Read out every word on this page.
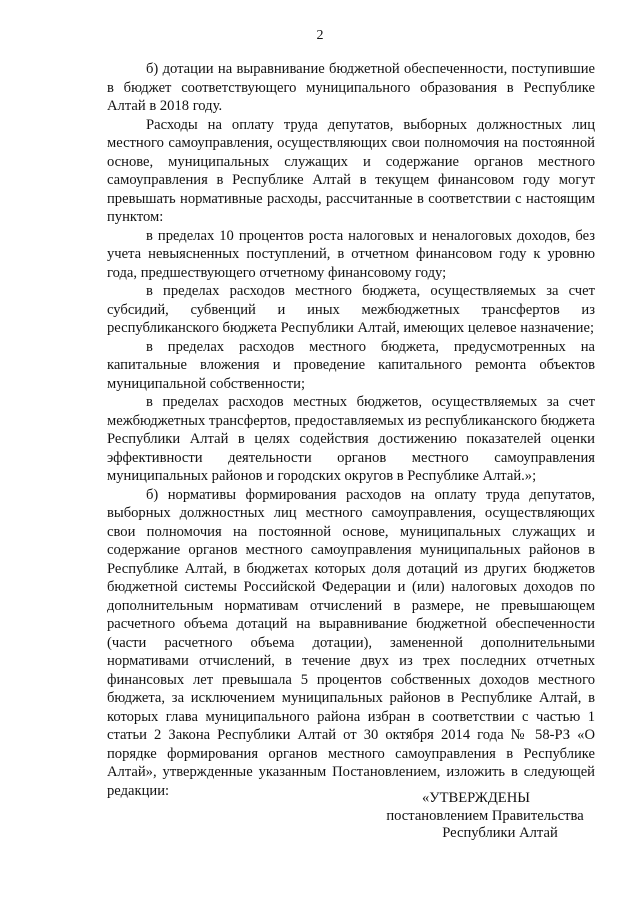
2

б) дотации на выравнивание бюджетной обеспеченности, поступившие в бюджет соответствующего муниципального образования в Республике Алтай в 2018 году.

Расходы на оплату труда депутатов, выборных должностных лиц местного самоуправления, осуществляющих свои полномочия на постоянной основе, муниципальных служащих и содержание органов местного самоуправления в Республике Алтай в текущем финансовом году могут превышать нормативные расходы, рассчитанные в соответствии с настоящим пунктом:

в пределах 10 процентов роста налоговых и неналоговых доходов, без учета невыясненных поступлений, в отчетном финансовом году к уровню года, предшествующего отчетному финансовому году;

в пределах расходов местного бюджета, осуществляемых за счет субсидий, субвенций и иных межбюджетных трансфертов из республиканского бюджета Республики Алтай, имеющих целевое назначение;

в пределах расходов местного бюджета, предусмотренных на капитальные вложения и проведение капитального ремонта объектов муниципальной собственности;

в пределах расходов местных бюджетов, осуществляемых за счет межбюджетных трансфертов, предоставляемых из республиканского бюджета Республики Алтай в целях содействия достижению показателей оценки эффективности деятельности органов местного самоуправления муниципальных районов и городских округов в Республике Алтай.»;

б) нормативы формирования расходов на оплату труда депутатов, выборных должностных лиц местного самоуправления, осуществляющих свои полномочия на постоянной основе, муниципальных служащих и содержание органов местного самоуправления муниципальных районов в Республике Алтай, в бюджетах которых доля дотаций из других бюджетов бюджетной системы Российской Федерации и (или) налоговых доходов по дополнительным нормативам отчислений в размере, не превышающем расчетного объема дотаций на выравнивание бюджетной обеспеченности (части расчетного объема дотации), замененной дополнительными нормативами отчислений, в течение двух из трех последних отчетных финансовых лет превышала 5 процентов собственных доходов местного бюджета, за исключением муниципальных районов в Республике Алтай, в которых глава муниципального района избран в соответствии с частью 1 статьи 2 Закона Республики Алтай от 30 октября 2014 года № 58-РЗ «О порядке формирования органов местного самоуправления в Республике Алтай», утвержденные указанным Постановлением, изложить в следующей редакции:	«УТВЕРЖДЕНЫ
постановлением Правительства
Республики Алтай
